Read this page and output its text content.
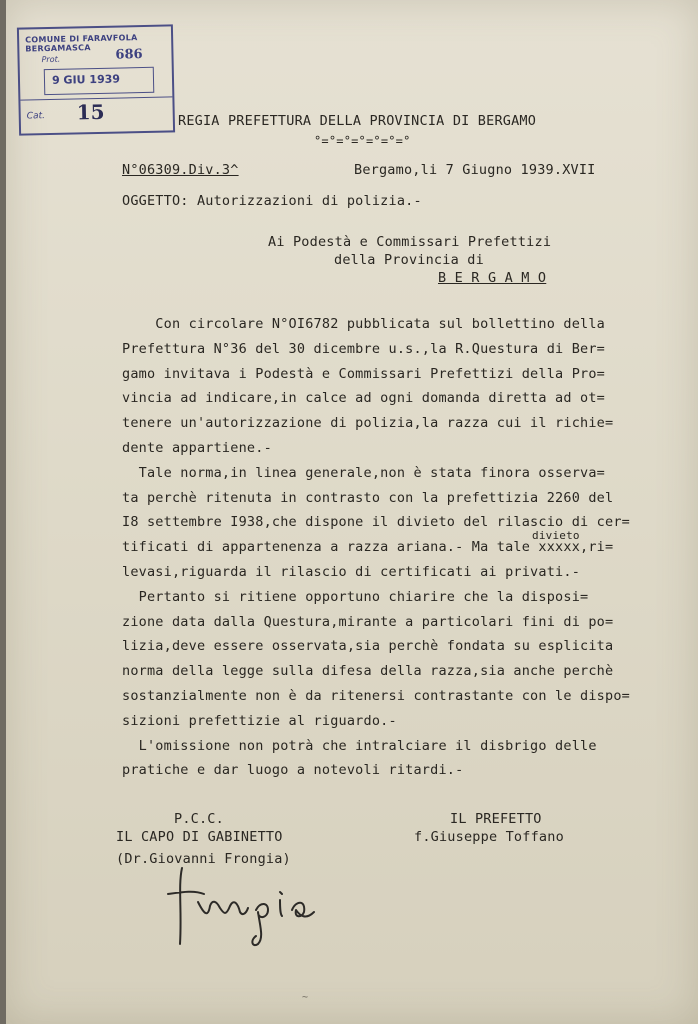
COMUNE DI FARAVFOLA BERGAMASCA
Prot.	686
9 GIU 1939
Cat. 15	REGIA PREFETTURA DELLA PROVINCIA DI BERGAMO
°=°=°=°=°=°=°
N°06309.Div.3^	Bergamo,li 7 Giugno 1939.XVII
OGGETTO: Autorizzazioni di polizia.-
Ai Podestà e Commissari Prefettizi
della Provincia di
B E R G A M O
Con circolare N°OI6782 pubblicata sul bollettino della
Prefettura N°36 del 30 dicembre u.s.,la R.Questura di Ber=
gamo invitava i Podestà e Commissari Prefettizi della Pro=
vincia ad indicare,in calce ad ogni domanda diretta ad ot=
tenere un'autorizzazione di polizia,la razza cui il richie=
dente appartiene.-
Tale norma,in linea generale,non è stata finora osserva=
ta perchè ritenuta in contrasto con la prefettizia 2260 del
I8 settembre I938,che dispone il divieto del rilascio di cer=
tificati di appartenenza a razza ariana.- Ma tale xxxxx,ri=
levasi,riguarda il rilascio di certificati ai privati.-
Pertanto si ritiene opportuno chiarire che la disposi=
zione data dalla Questura,mirante a particolari fini di po=
lizia,deve essere osservata,sia perchè fondata su esplicita
norma della legge sulla difesa della razza,sia anche perchè
sostanzialmente non è da ritenersi contrastante con le dispo=
sizioni prefettizie al riguardo.-
L'omissione non potrà che intralciare il disbrigo delle
pratiche e dar luogo a notevoli ritardi.-
divieto
P.C.C.
IL CAPO DI GABINETTO
(Dr.Giovanni Frongia)
IL PREFETTO
f.Giuseppe Toffano
~
